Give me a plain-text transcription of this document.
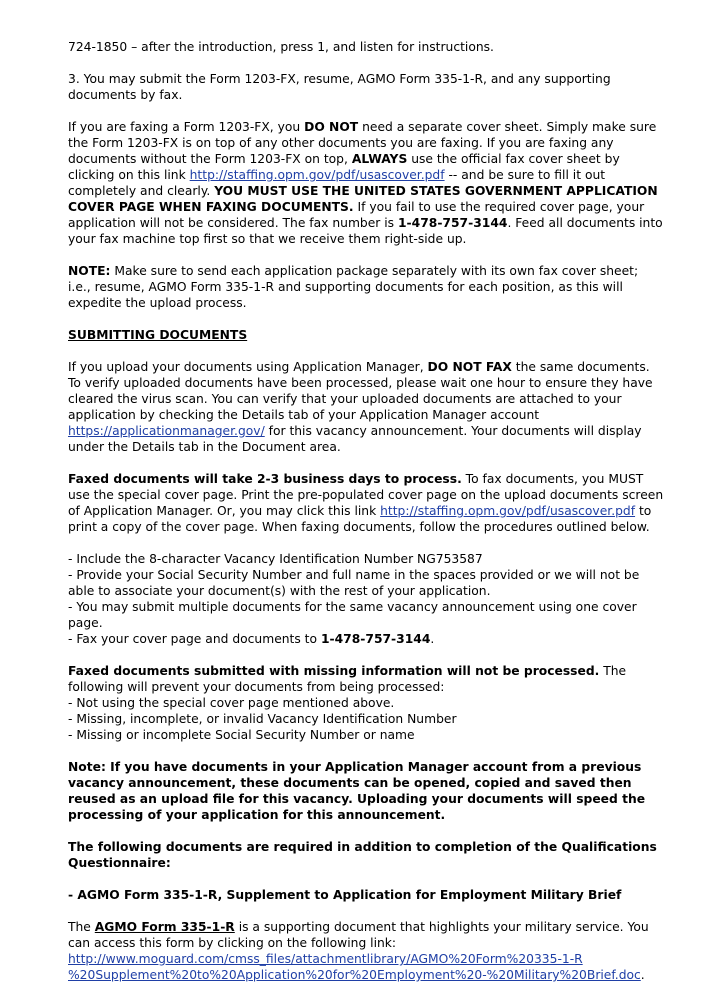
724-1850 – after the introduction, press 1, and listen for instructions.

3. You may submit the Form 1203-FX, resume, AGMO Form 335-1-R, and any supporting documents by fax.

If you are faxing a Form 1203-FX, you DO NOT need a separate cover sheet. Simply make sure the Form 1203-FX is on top of any other documents you are faxing. If you are faxing any documents without the Form 1203-FX on top, ALWAYS use the official fax cover sheet by clicking on this link http://staffing.opm.gov/pdf/usascover.pdf -- and be sure to fill it out completely and clearly. YOU MUST USE THE UNITED STATES GOVERNMENT APPLICATION COVER PAGE WHEN FAXING DOCUMENTS. If you fail to use the required cover page, your application will not be considered. The fax number is 1-478-757-3144. Feed all documents into your fax machine top first so that we receive them right-side up.

NOTE: Make sure to send each application package separately with its own fax cover sheet; i.e., resume, AGMO Form 335-1-R and supporting documents for each position, as this will expedite the upload process.

SUBMITTING DOCUMENTS

If you upload your documents using Application Manager, DO NOT FAX the same documents. To verify uploaded documents have been processed, please wait one hour to ensure they have cleared the virus scan. You can verify that your uploaded documents are attached to your application by checking the Details tab of your Application Manager account https://applicationmanager.gov/ for this vacancy announcement. Your documents will display under the Details tab in the Document area.

Faxed documents will take 2-3 business days to process. To fax documents, you MUST use the special cover page. Print the pre-populated cover page on the upload documents screen of Application Manager. Or, you may click this link http://staffing.opm.gov/pdf/usascover.pdf to print a copy of the cover page. When faxing documents, follow the procedures outlined below.

- Include the 8-character Vacancy Identification Number NG753587
- Provide your Social Security Number and full name in the spaces provided or we will not be able to associate your document(s) with the rest of your application.
- You may submit multiple documents for the same vacancy announcement using one cover page.
- Fax your cover page and documents to 1-478-757-3144.

Faxed documents submitted with missing information will not be processed. The following will prevent your documents from being processed:
- Not using the special cover page mentioned above.
- Missing, incomplete, or invalid Vacancy Identification Number
- Missing or incomplete Social Security Number or name

Note: If you have documents in your Application Manager account from a previous vacancy announcement, these documents can be opened, copied and saved then reused as an upload file for this vacancy. Uploading your documents will speed the processing of your application for this announcement.

The following documents are required in addition to completion of the Qualifications Questionnaire:

- AGMO Form 335-1-R, Supplement to Application for Employment Military Brief

The AGMO Form 335-1-R is a supporting document that highlights your military service. You can access this form by clicking on the following link:
http://www.moguard.com/cmss_files/attachmentlibrary/AGMO%20Form%20335-1-R
%20Supplement%20to%20Application%20for%20Employment%20-%20Military%20Brief.doc.
